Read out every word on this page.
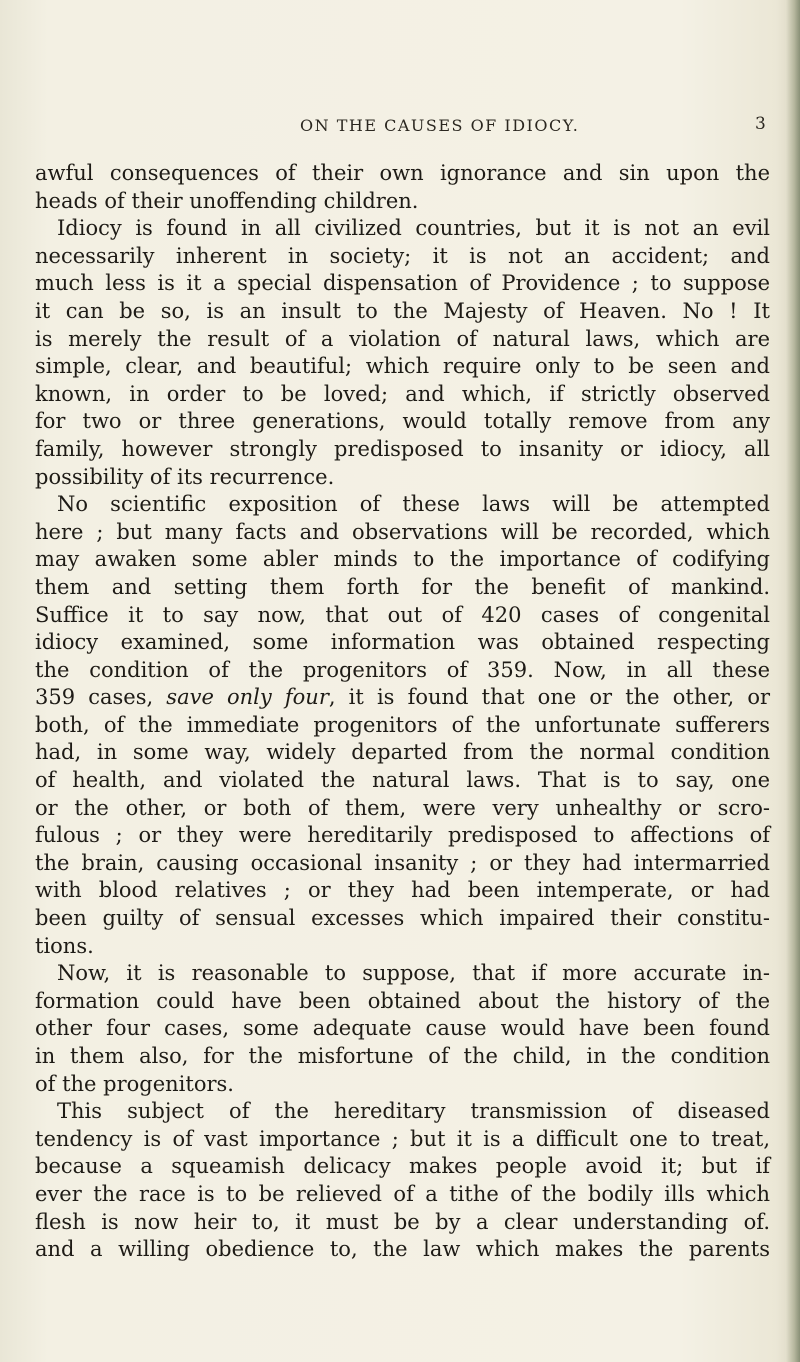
ON THE CAUSES OF IDIOCY.	3
awful consequences of their own ignorance and sin upon the
heads of their unoffending children.
Idiocy is found in all civilized countries, but it is not an evil
necessarily inherent in society; it is not an accident; and
much less is it a special dispensation of Providence ; to suppose
it can be so, is an insult to the Majesty of Heaven. No ! It
is merely the result of a violation of natural laws, which are
simple, clear, and beautiful; which require only to be seen and
known, in order to be loved; and which, if strictly observed
for two or three generations, would totally remove from any
family, however strongly predisposed to insanity or idiocy, all
possibility of its recurrence.
No scientific exposition of these laws will be attempted
here ; but many facts and observations will be recorded, which
may awaken some abler minds to the importance of codifying
them and setting them forth for the benefit of mankind.
Suffice it to say now, that out of 420 cases of congenital
idiocy examined, some information was obtained respecting
the condition of the progenitors of 359. Now, in all these
359 cases, save only four, it is found that one or the other, or
both, of the immediate progenitors of the unfortunate sufferers
had, in some way, widely departed from the normal condition
of health, and violated the natural laws. That is to say, one
or the other, or both of them, were very unhealthy or scro-
fulous ; or they were hereditarily predisposed to affections of
the brain, causing occasional insanity ; or they had intermarried
with blood relatives ; or they had been intemperate, or had
been guilty of sensual excesses which impaired their constitu-
tions.
Now, it is reasonable to suppose, that if more accurate in-
formation could have been obtained about the history of the
other four cases, some adequate cause would have been found
in them also, for the misfortune of the child, in the condition
of the progenitors.
This subject of the hereditary transmission of diseased
tendency is of vast importance ; but it is a difficult one to treat,
because a squeamish delicacy makes people avoid it; but if
ever the race is to be relieved of a tithe of the bodily ills which
flesh is now heir to, it must be by a clear understanding of.
and a willing obedience to, the law which makes the parents
